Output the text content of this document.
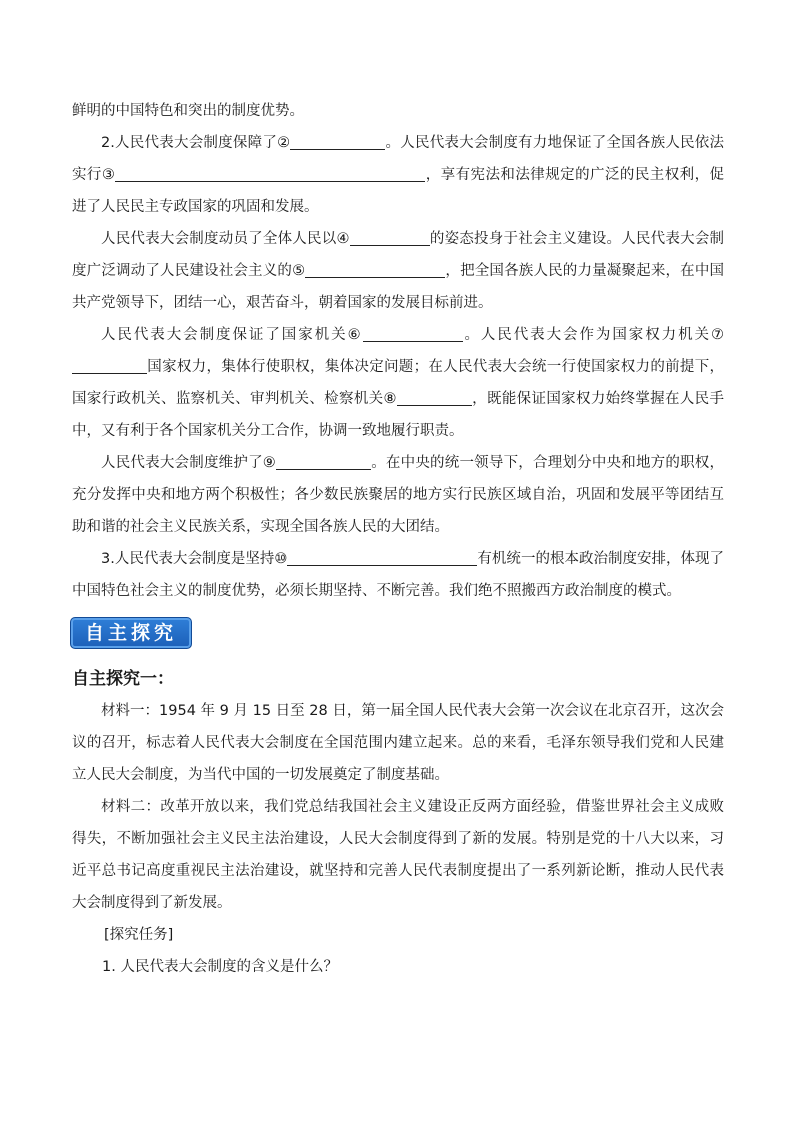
鲜明的中国特色和突出的制度优势。

2.人民代表大会制度保障了②	。人民代表大会制度有力地保证了全国各族人民依法实行③	，享有宪法和法律规定的广泛的民主权利，促进了人民民主专政国家的巩固和发展。

人民代表大会制度动员了全体人民以④	的姿态投身于社会主义建设。人民代表大会制度广泛调动了人民建设社会主义的⑤	，把全国各族人民的力量凝聚起来，在中国共产党领导下，团结一心，艰苦奋斗，朝着国家的发展目标前进。

人民代表大会制度保证了国家机关⑥	。人民代表大会作为国家权力机关⑦国家权力，集体行使职权，集体决定问题；在人民代表大会统一行使国家权力的前提下，国家行政机关、监察机关、审判机关、检察机关⑧	，既能保证国家权力始终掌握在人民手中，又有利于各个国家机关分工合作，协调一致地履行职责。

人民代表大会制度维护了⑨	。在中央的统一领导下，合理划分中央和地方的职权，充分发挥中央和地方两个积极性；各少数民族聚居的地方实行民族区域自治，巩固和发展平等团结互助和谐的社会主义民族关系，实现全国各族人民的大团结。

3.人民代表大会制度是坚持⑩	有机统一的根本政治制度安排，体现了中国特色社会主义的制度优势，必须长期坚持、不断完善。我们绝不照搬西方政治制度的模式。

自主探究

自主探究一：

材料一：1954 年 9 月 15 日至 28 日，第一届全国人民代表大会第一次会议在北京召开，这次会议的召开，标志着人民代表大会制度在全国范围内建立起来。总的来看，毛泽东领导我们党和人民建立人民大会制度，为当代中国的一切发展奠定了制度基础。

材料二：改革开放以来，我们党总结我国社会主义建设正反两方面经验，借鉴世界社会主义成败得失，不断加强社会主义民主法治建设，人民大会制度得到了新的发展。特别是党的十八大以来，习近平总书记高度重视民主法治建设，就坚持和完善人民代表制度提出了一系列新论断，推动人民代表大会制度得到了新发展。

[探究任务]

1. 人民代表大会制度的含义是什么？
